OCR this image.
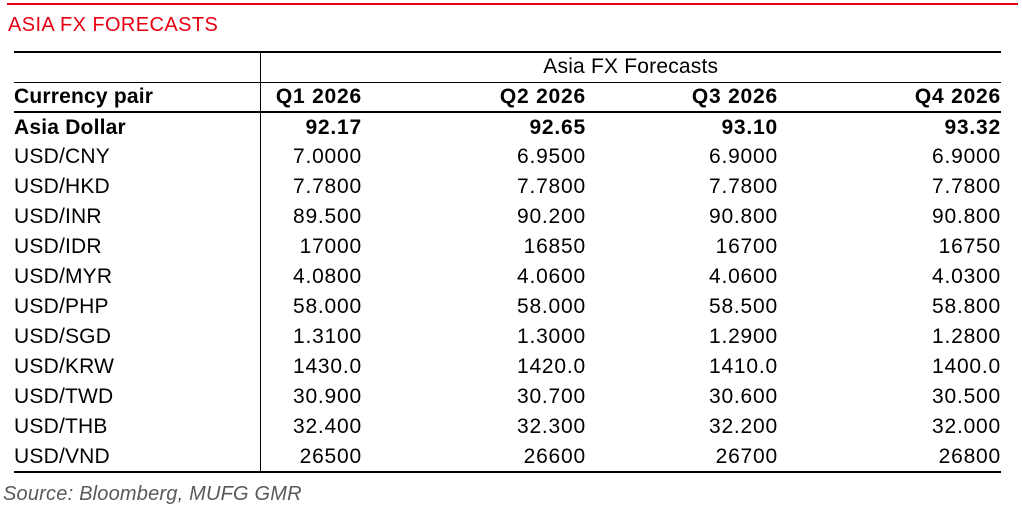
ASIA FX FORECASTS
	Asia FX Forecasts			
Currency pair	Q1 2026	Q2 2026	Q3 2026	Q4 2026
Asia Dollar	92.17	92.65	93.10	93.32
USD/CNY	7.0000	6.9500	6.9000	6.9000
USD/HKD	7.7800	7.7800	7.7800	7.7800
USD/INR	89.500	90.200	90.800	90.800
USD/IDR	17000	16850	16700	16750
USD/MYR	4.0800	4.0600	4.0600	4.0300
USD/PHP	58.000	58.000	58.500	58.800
USD/SGD	1.3100	1.3000	1.2900	1.2800
USD/KRW	1430.0	1420.0	1410.0	1400.0
USD/TWD	30.900	30.700	30.600	30.500
USD/THB	32.400	32.300	32.200	32.000
USD/VND	26500	26600	26700	26800
Source: Bloomberg, MUFG GMR
